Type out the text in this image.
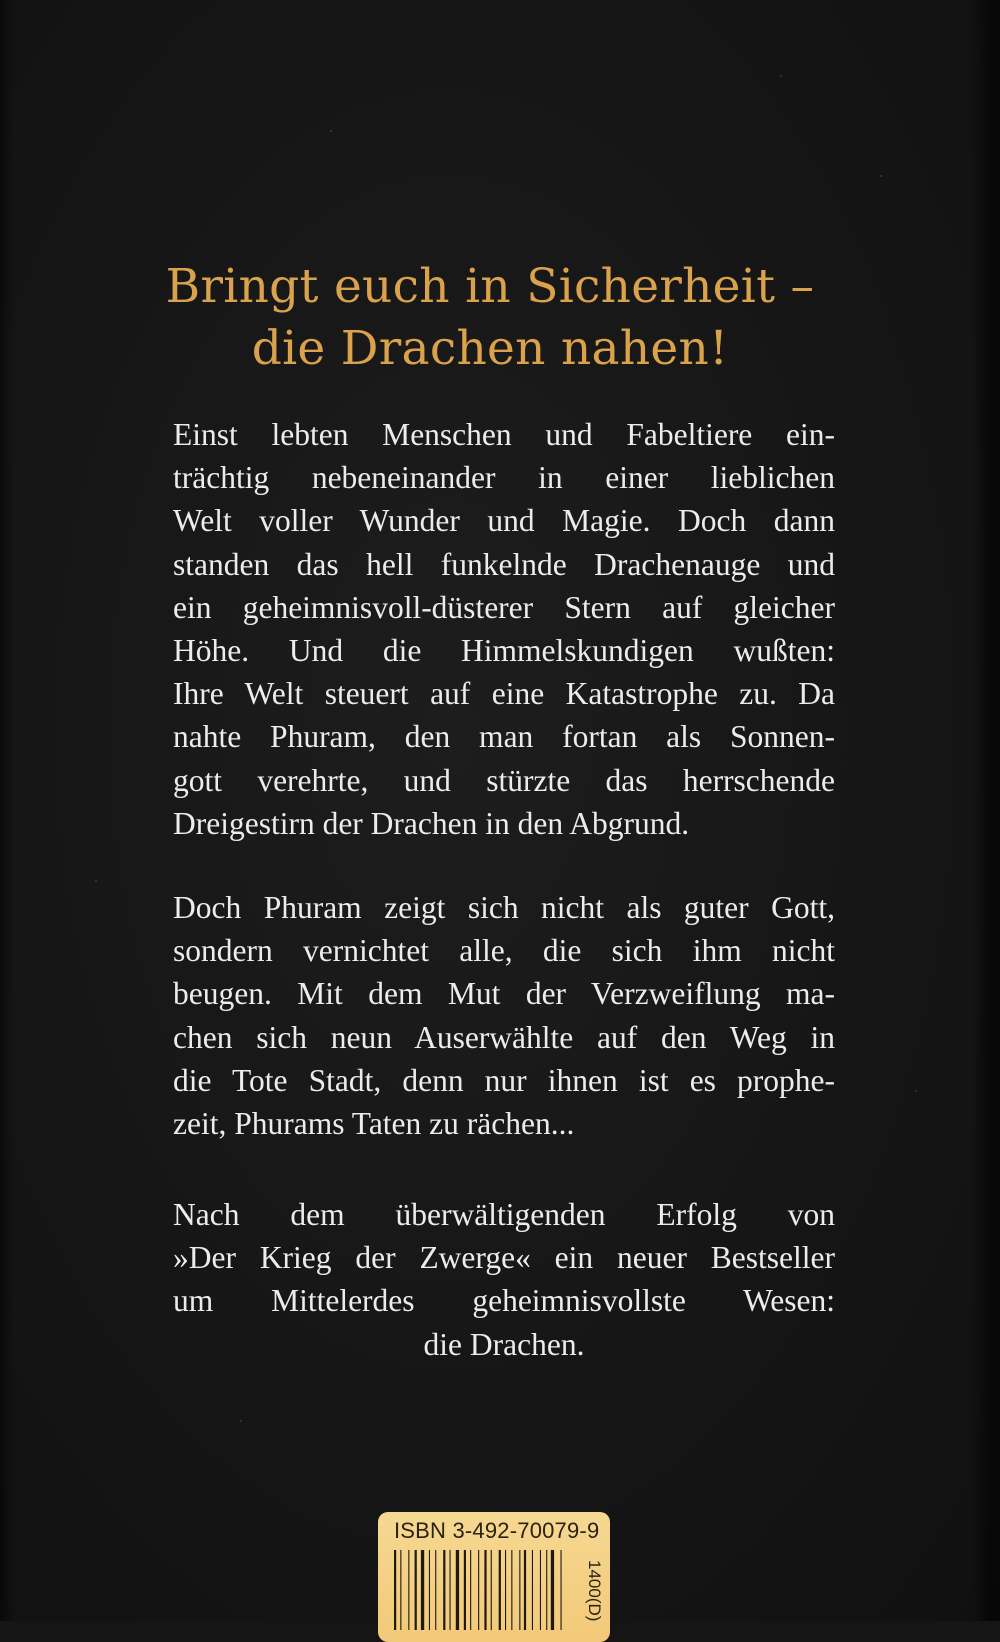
Bringt euch in Sicherheit –
die Drachen nahen!
Einst lebten Menschen und Fabeltiere ein-
trächtig nebeneinander in einer lieblichen
Welt voller Wunder und Magie. Doch dann
standen das hell funkelnde Drachenauge und
ein geheimnisvoll-düsterer Stern auf gleicher
Höhe. Und die Himmelskundigen wußten:
Ihre Welt steuert auf eine Katastrophe zu. Da
nahte Phuram, den man fortan als Sonnen-
gott verehrte, und stürzte das herrschende
Dreigestirn der Drachen in den Abgrund.
Doch Phuram zeigt sich nicht als guter Gott,
sondern vernichtet alle, die sich ihm nicht
beugen. Mit dem Mut der Verzweiflung ma-
chen sich neun Auserwählte auf den Weg in
die Tote Stadt, denn nur ihnen ist es prophe-
zeit, Phurams Taten zu rächen...
Nach dem überwältigenden Erfolg von
»Der Krieg der Zwerge« ein neuer Bestseller
um Mittelerdes geheimnisvollste Wesen:
die Drachen.
ISBN 3-492-70079-9
1400(D)
